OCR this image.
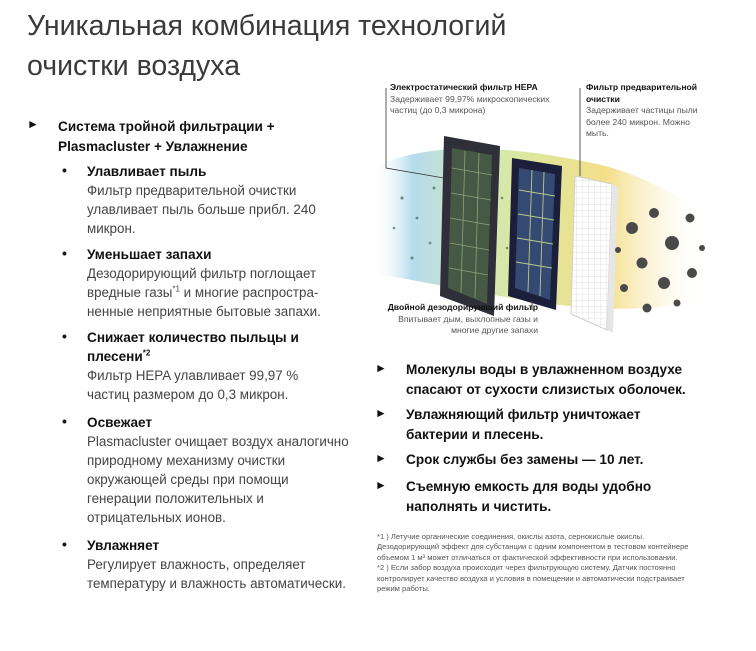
Уникальная комбинация технологий очистки воздуха
► Система тройной фильтрации + Plasmacluster + Увлажнение
• Улавливает пыль
Фильтр предварительной очистки улавливает пыль больше прибл. 240 микрон.
• Уменьшает запахи
Дезодорирующий фильтр поглощает вредные газы$^{*1}$ и многие распростра-ненные неприятные бытовые запахи.
• Снижает количество пыльцы и плесени$^{*2}$
Фильтр HEPA улавливает 99,97 % частиц размером до 0,3 микрон.
• Освежает
Plasmacluster очищает воздух аналогично природному механизму очистки окружающей среды при помощи генерации положительных и отрицательных ионов.
• Увлажняет
Регулирует влажность, определяет температуру и влажность автоматически.
Электростатический фильтр HEPA
Задерживает 99,97% микроскопических частиц (до 0,3 микрона)
Фильтр предварительной очистки
Задерживает частицы пыли более 240 микрон. Можно мыть.
Двойной дезодорирующий фильтр
Впитывает дым, выхлопные газы и многие другие запахи
► Молекулы воды в увлажненном воздухе спасают от сухости слизистых оболочек.
► Увлажняющий фильтр уничтожает бактерии и плесень.
► Срок службы без замены — 10 лет.
► Съемную емкость для воды удобно наполнять и чистить.
*1 ) Летучие органические соединения, окислы азота, сернокислые окислы. Дезодорирующий эффект для субстанции с одним компонентом в тестовом контейнере объемом 1 м³ может отличаться от фактической эффективности при использовании.
*2 ) Если забор воздуха происходит через фильтрующую систему. Датчик постоянно контролирует качество воздуха и условия в помещении и автоматически подстраивает режим работы.
